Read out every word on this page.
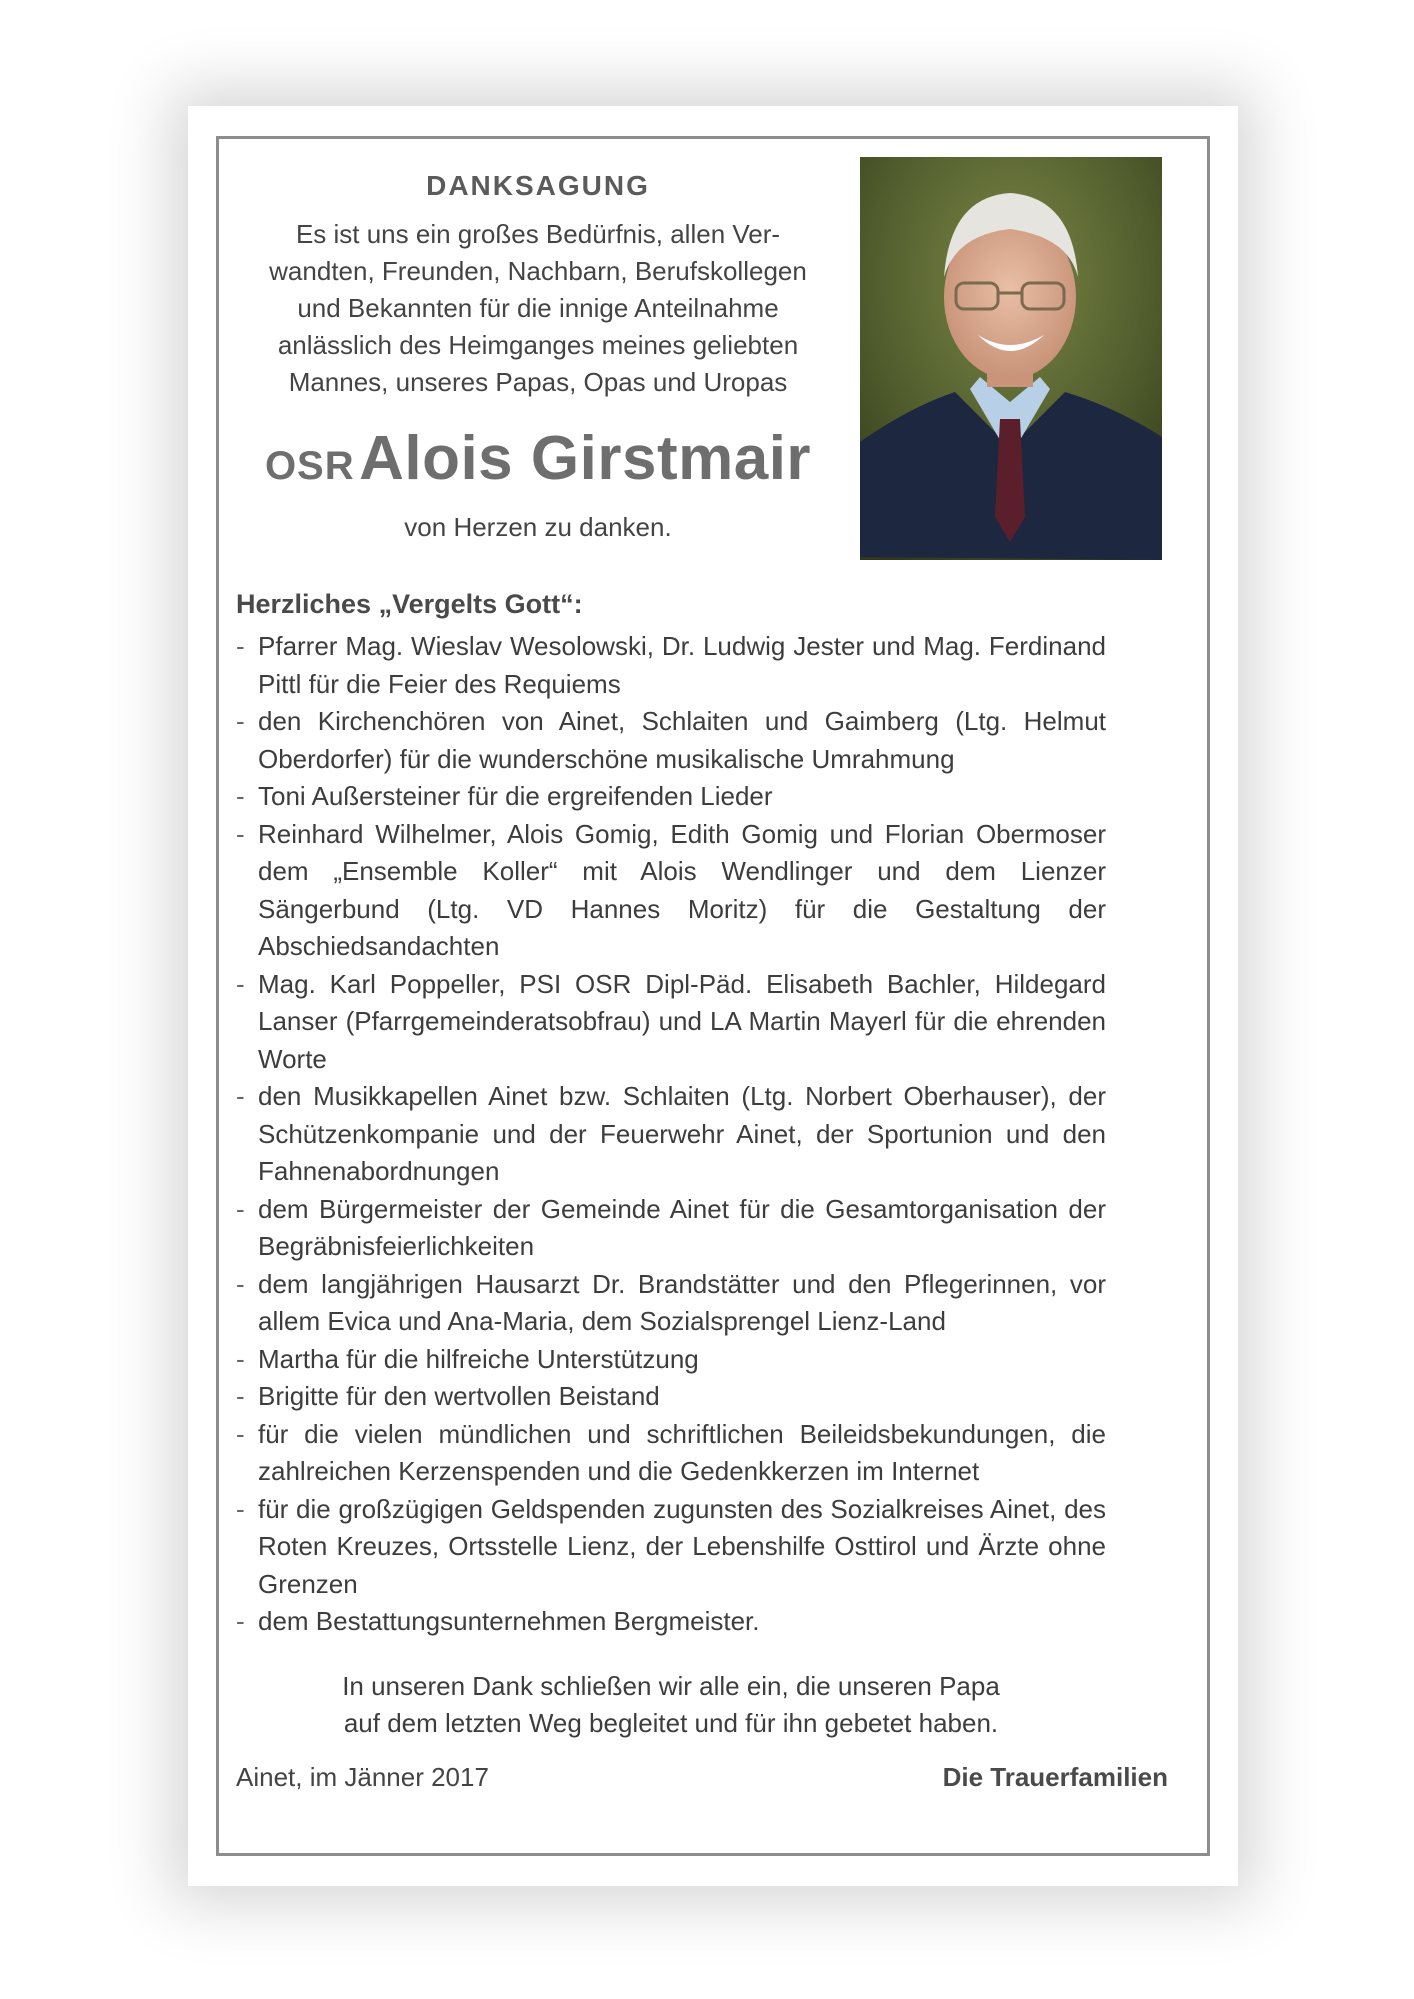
DANKSAGUNG
Es ist uns ein großes Bedürfnis, allen Ver-
wandten, Freunden, Nachbarn, Berufskollegen
und Bekannten für die innige Anteilnahme
anlässlich des Heimganges meines geliebten
Mannes, unseres Papas, Opas und Uropas
OSR Alois Girstmair
von Herzen zu danken.
Herzliches „Vergelts Gott“:
- Pfarrer Mag. Wieslav Wesolowski, Dr. Ludwig Jester und Mag. Ferdinand Pittl für die Feier des Requiems
- den Kirchenchören von Ainet, Schlaiten und Gaimberg (Ltg. Helmut Oberdorfer) für die wunderschöne musikalische Umrahmung
- Toni Außersteiner für die ergreifenden Lieder
- Reinhard Wilhelmer, Alois Gomig, Edith Gomig und Florian Obermoser dem „Ensemble Koller“ mit Alois Wendlinger und dem Lienzer Sängerbund (Ltg. VD Hannes Moritz) für die Gestaltung der Abschiedsandachten
- Mag. Karl Poppeller, PSI OSR Dipl-Päd. Elisabeth Bachler, Hildegard Lanser (Pfarrgemeinderatsobfrau) und LA Martin Mayerl für die ehrenden Worte
- den Musikkapellen Ainet bzw. Schlaiten (Ltg. Norbert Oberhauser), der Schützenkompanie und der Feuerwehr Ainet, der Sportunion und den Fahnenabordnungen
- dem Bürgermeister der Gemeinde Ainet für die Gesamtorganisation der Begräbnisfeierlichkeiten
- dem langjährigen Hausarzt Dr. Brandstätter und den Pflegerinnen, vor allem Evica und Ana-Maria, dem Sozialsprengel Lienz-Land
- Martha für die hilfreiche Unterstützung
- Brigitte für den wertvollen Beistand
- für die vielen mündlichen und schriftlichen Beileidsbekundungen, die zahlreichen Kerzenspenden und die Gedenkkerzen im Internet
- für die großzügigen Geldspenden zugunsten des Sozialkreises Ainet, des Roten Kreuzes, Ortsstelle Lienz, der Lebenshilfe Osttirol und Ärzte ohne Grenzen
- dem Bestattungsunternehmen Bergmeister.
In unseren Dank schließen wir alle ein, die unseren Papa
auf dem letzten Weg begleitet und für ihn gebetet haben.
Ainet, im Jänner 2017	Die Trauerfamilien
